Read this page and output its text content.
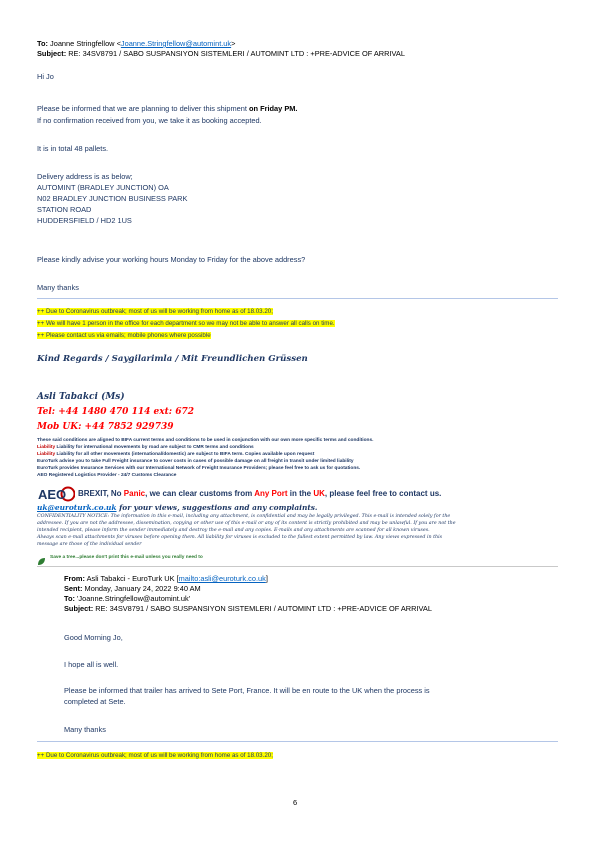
To: Joanne Stringfellow <Joanne.Stringfellow@automint.uk>
Subject: RE: 34SV8791 / SABO SUSPANSIYON SISTEMLERI / AUTOMINT LTD : +PRE-ADVICE OF ARRIVAL
Hi Jo
Please be informed that we are planning to deliver this shipment on Friday PM.
If no confirmation received from you, we take it as booking accepted.
It is in total 48 pallets.
Delivery address is as below;
AUTOMINT (BRADLEY JUNCTION) OA
N02 BRADLEY JUNCTION BUSINESS PARK
STATION ROAD
HUDDERSFIELD / HD2 1US
Please kindly advise your working hours Monday to Friday for the above address?
Many thanks
++ Due to Coronavirus outbreak; most of us will be working from home as of 18.03.20;
++ We will have 1 person in the office for each department so we may not be able to answer all calls on time.
++ Please contact us via emails; mobile phones where possible
Kind Regards / Saygilarimla / Mit Freundlichen Grüssen
Asli Tabakci (Ms)
Tel: +44 1480 470 114 ext: 672
Mob UK: +44 7852 929739
These said conditions are aligned to BIFA current terms and conditions to be used in conjunction with our own more specific terms and conditions.
Liability Liability for international movements by road are subject to CMR terms and conditions
Liability Liability for all other movements (international/domestic) are subject to BIFA term. Copies available upon request
EuroTurk advise you to take Full Freight insurance to cover costs in cases of possible damage on all freight in transit under limited liability
EuroTurk provides Insurance Services with our International Network of Freight Insurance Providers; please feel free to ask us for quotations.
AEO Registered Logistics Provider - 24/7 Customs Clearance
AEO BREXIT, No Panic, we can clear customs from Any Port in the UK, please feel free to contact us.
uk@euroturk.co.uk for your views, suggestions and any complaints.
CONFIDENTIALITY NOTICE: The information in this e-mail, including any attachment, is confidential and may be legally privileged. This e-mail is intended solely for the
addressee. If you are not the addressee, dissemination, copying or other use of this e-mail or any of its content is strictly prohibited and may be unlawful. If you are not the
intended recipient, please inform the sender immediately and destroy the e-mail and any copies. E-mails and any attachments are scanned for all known viruses.
Always scan e-mail attachments for viruses before opening them. All liability for viruses is excluded to the fullest extent permitted by law. Any views expressed in this
message are those of the individual sender
Save a tree...please don't print this e-mail unless you really need to
From: Asli Tabakci - EuroTurk UK [mailto:asli@euroturk.co.uk]
Sent: Monday, January 24, 2022 9:40 AM
To: 'Joanne.Stringfellow@automint.uk'
Subject: RE: 34SV8791 / SABO SUSPANSIYON SISTEMLERI / AUTOMINT LTD : +PRE-ADVICE OF ARRIVAL
Good Morning Jo,
I hope all is well.
Please be informed that trailer has arrived to Sete Port, France. It will be en route to the UK when the process is
completed at Sete.
Many thanks
++ Due to Coronavirus outbreak; most of us will be working from home as of 18.03.20;
6
